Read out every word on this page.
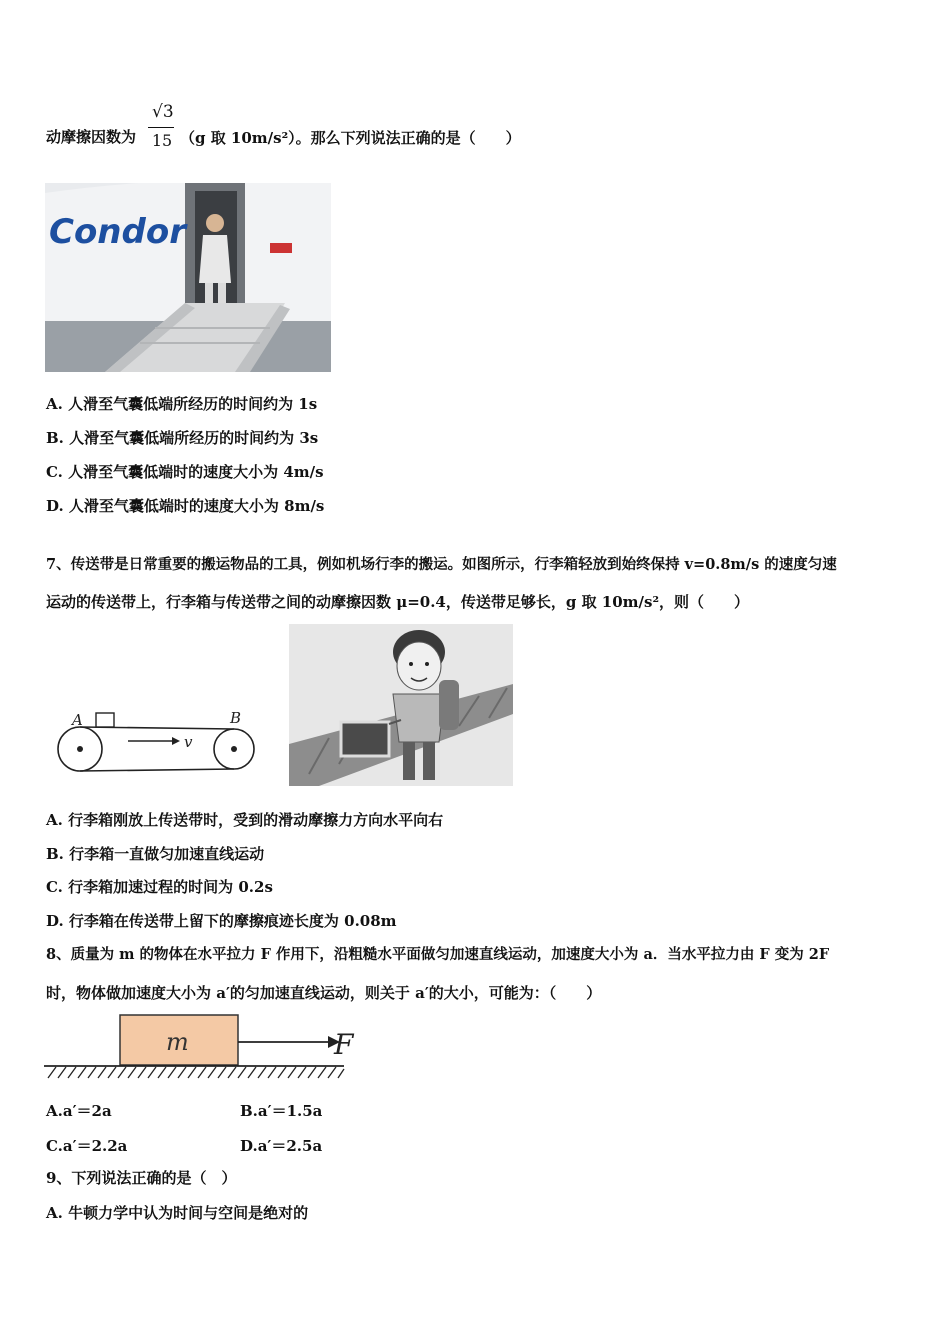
动摩擦因数为
√3
15 （g 取 10m/s²）。那么下列说法正确的是（　　）
Condor
A. 人滑至气囊低端所经历的时间约为 1s
B. 人滑至气囊低端所经历的时间约为 3s
C. 人滑至气囊低端时的速度大小为 4m/s
D. 人滑至气囊低端时的速度大小为 8m/s
7、传送带是日常重要的搬运物品的工具，例如机场行李的搬运。如图所示，行李箱轻放到始终保持 v=0.8m/s 的速度匀速
运动的传送带上，行李箱与传送带之间的动摩擦因数 μ=0.4，传送带足够长，g 取 10m/s²，则（　　）
A	B
v
A. 行李箱刚放上传送带时，受到的滑动摩擦力方向水平向右
B. 行李箱一直做匀加速直线运动
C. 行李箱加速过程的时间为 0.2s
D. 行李箱在传送带上留下的摩擦痕迹长度为 0.08m
8、质量为 m 的物体在水平拉力 F 作用下，沿粗糙水平面做匀加速直线运动，加速度大小为 a．当水平拉力由 F 变为 2F
时，物体做加速度大小为 a′的匀加速直线运动，则关于 a′的大小，可能为：（　　）
m	F
A.a′＝2a	B.a′＝1.5a
C.a′＝2.2a	D.a′＝2.5a
9、下列说法正确的是（　）
A. 牛顿力学中认为时间与空间是绝对的
